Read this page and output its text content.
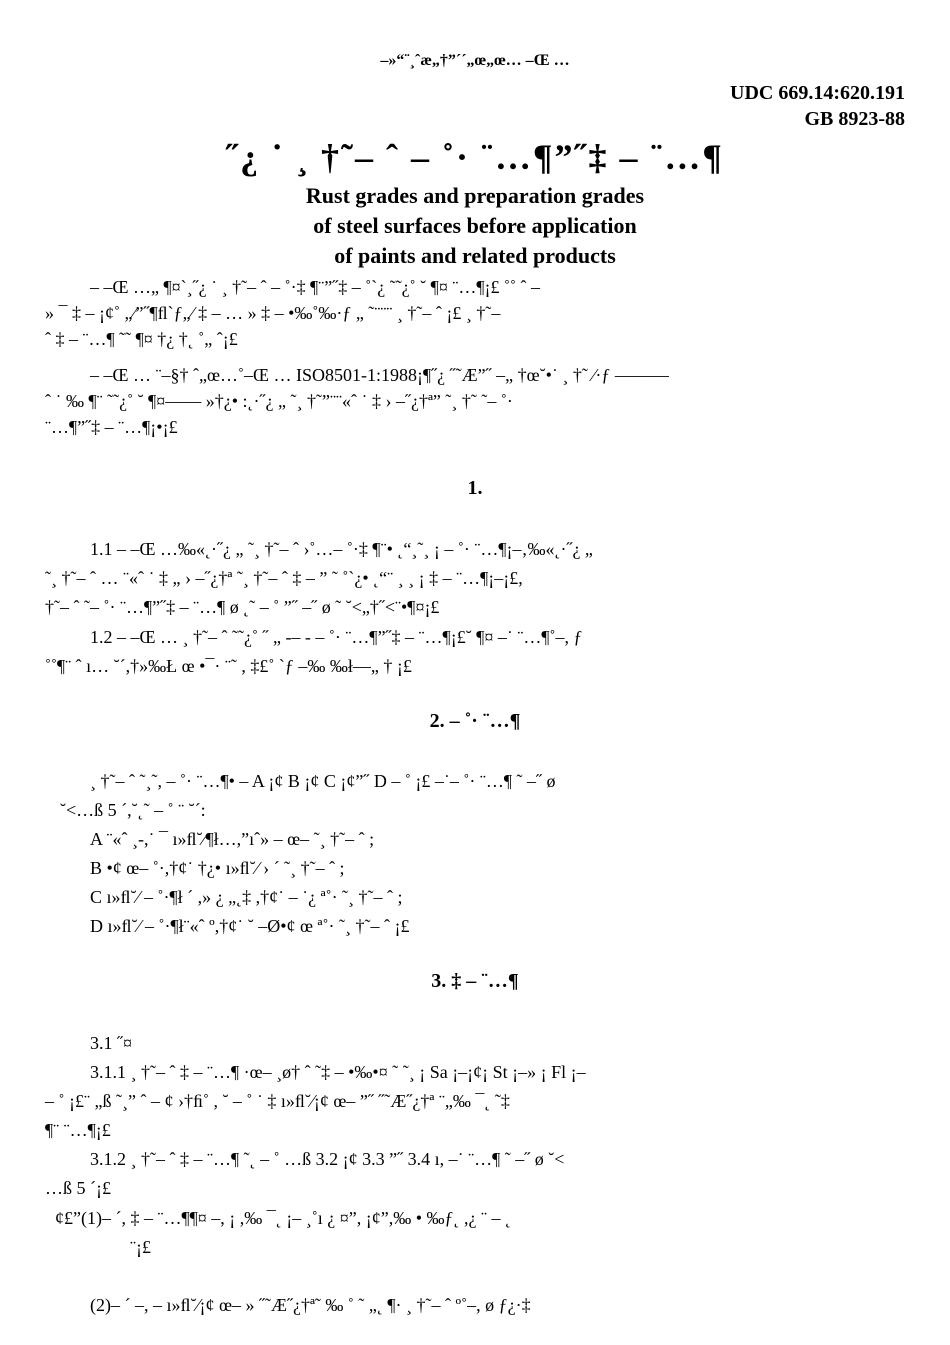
–»“¨¸ˆæ„†”´´„œ„œ… –Œ …
UDC 669.14:620.191
GB 8923-88
˝¿ ˙ ¸ †˜– ˆ – ˚· ¨…¶”˝‡ – ¨…¶
Rust grades and preparation grades
of steel surfaces before application
of paints and related products
– –Œ …„ ¶¤`¸˝¿ ˙ ¸ †˜– ˆ – ˚·‡ ¶¨”˝‡ – ˚`¿ ˜˜¿˚ ˘ ¶¤ ¨…¶¡£ ˚˚ ˆ –
» ¯ ‡ – ¡¢˚ „⁄”˝¶ﬂ`ƒ„⁄ ‡ – … » ‡ – •‰˚‰·ƒ „ ˜¨¨¨ ¸ †˜– ˆ ¡£ ¸ †˜–
ˆ ‡ – ¨…¶ ˜˜ ¶¤ †¿ †˛ ˚„ ˆ¡£
– –Œ … ¨–§† ˆ„œ…˚–Œ … ISO8501-1:1988¡¶˝¿ ˝˜Æ”˝ –„ †œ˘•˙ ¸ †˜ ⁄·ƒ ———
ˆ ˙ ‰ ¶¨ ˜˜¿˚ ˘ ¶¤—— »†¿• :˛·˝¿ „ ˜¸ †˜”¨¨«ˆ ˙ ‡ › –˝¿†ª” ˜¸ †˜ ˜– ˚·
¨…¶”˝‡ – ¨…¶¡•¡£
1.
1.1 – –Œ …‰«˛·˝¿ „ ˜¸ †˜– ˆ ›˚…– ˚·‡ ¶¨• ˛“¸˜¸ ¡ – ˚· ¨…¶¡–‚‰«˛·˝¿ „
˜¸ †˜– ˆ … ¨«ˆ ˙ ‡ „ › –˝¿†ª ˜¸ †˜– ˆ ‡ – ” ˜ ˚`¿• ˛“¨ ¸ ¸ ¡ ‡ – ¨…¶¡–¡£,
†˜– ˆ ˜– ˚· ¨…¶”˝‡ – ¨…¶ ø ˛˜ – ˚ ”˝ –˝ ø ˜ ˘<„†˝<¨•¶¤¡£
1.2 – –Œ … ¸ †˜– ˆ ˜˜¿˚ ˝ „ -– - – ˚· ¨…¶”˝‡ – ¨…¶¡£˘ ¶¤ –˙ ¨…¶˚–, ƒ
˚˚¶¨ ˆ ı… ˘´,†»‰Ł œ •¯· ¨˜ , ‡£˚ `ƒ –‰ ‰ł—„ † ¡£
2. – ˚· ¨…¶
¸ †˜– ˆ ˜¸˜, – ˚· ¨…¶• – A ¡¢ B ¡¢ C ¡¢”˝ D – ˚ ¡£ –˙– ˚· ¨…¶ ˜ –˝ ø
˘<…ß 5 ´,˘˛˜ – ˚ ¨ ˘´:
A ¨«ˆ ¸-,˙ ¯ ı»ﬂ˘⁄¶ł…,”ıˆ» – œ– ˜¸ †˜– ˆ ;
B •¢ œ– ˚·,†¢˙ †¿• ı»ﬂ˘⁄ › ´ ˜¸ †˜– ˆ ;
C ı»ﬂ˘⁄ – ˚·¶ł ´ ,» ¿ „˛‡ ,†¢˙ – ˙¿ ª˚· ˜¸ †˜– ˆ ;
D ı»ﬂ˘⁄ – ˚·¶ł¨«ˆ º,†¢˙ ˘ –Ø•¢ œ ª˚· ˜¸ †˜– ˆ ¡£
3. ‡ – ¨…¶
3.1 ˝¤
3.1.1 ¸ †˜– ˆ ‡ – ¨…¶ ·œ– ¸ø† ˆ ˜‡ – •‰•¤ ˜ ˜¸ ¡ Sa ¡–¡¢¡ St ¡–» ¡ Fl ¡–
– ˚ ¡£¨ „ß ˜¸” ˆ – ¢ ›†ﬁ˚ , ˘ – ˚ ˙ ‡ ı»ﬂ˘⁄¡¢ œ– ”˝ ˝˜Æ˝¿†ª ¨„‰ ¯˛ ˜‡
¶¨ ¨…¶¡£
3.1.2 ¸ †˜– ˆ ‡ – ¨…¶ ˜˛ – ˚ …ß 3.2 ¡¢ 3.3 ”˝ 3.4 ı, –˙ ¨…¶ ˜ –˝ ø ˘<
…ß 5 ´¡£
¢£”(1)– ´, ‡ – ¨…¶¶¤ –, ¡ ,‰ ¯˛ ¡– ¸˚ı ¿ ¤”, ¡¢”,‰ • ‰ƒ˛ ,¿ ¨ – ˛
¨¡£
(2)– ´ –, – ı»ﬂ˘⁄¡¢ œ– » ˝˜Æ˝¿†ª˜ ‰ ˚ ˜ „˛ ¶· ¸ †˜– ˆ º˚–, ø ƒ¿·‡
